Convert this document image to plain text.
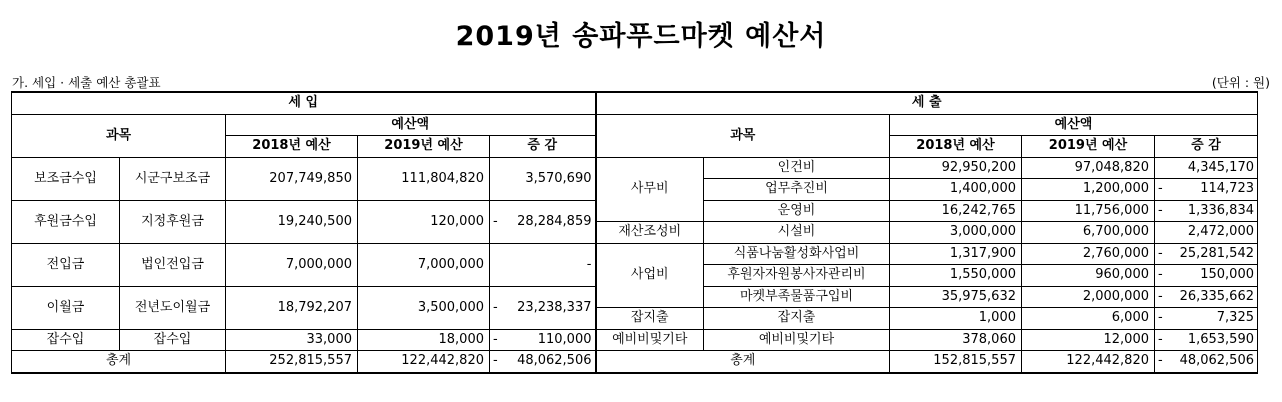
2019년 송파푸드마켓 예산서
가. 세입 · 세출 예산 총괄표	(단위 : 원)
세 입					세 출				
과목		예산액			과목		예산액		
		2018년 예산	2019년 예산	증 감			2018년 예산	2019년 예산	증 감
보조금수입	시군구보조금	207,749,850	111,804,820	3,570,690	사무비	인건비	92,950,200	97,048,820	4,345,170

						업무추진비	1,400,000	1,200,000	- 114,723

후원금수입	지정후원금	19,240,500	120,000	- 28,284,859		운영비	16,242,765	11,756,000	- 1,336,834

					재산조성비	시설비	3,000,000	6,700,000	2,472,000

전입금	법인전입금	7,000,000	7,000,000	-	사업비	식품나눔활성화사업비	1,317,900	2,760,000	- 25,281,542

						후원자자원봉사자관리비	1,550,000	960,000	- 150,000

이월금	전년도이월금	18,792,207	3,500,000	- 23,238,337		마켓부족물품구입비	35,975,632	2,000,000	- 26,335,662

					잡지출	잡지출	1,000	6,000	- 7,325

잡수입	잡수입	33,000	18,000	- 110,000	예비비및기타	예비비및기타	378,060	12,000	- 1,653,590

총계		252,815,557	122,442,820	- 48,062,506	총계		152,815,557	122,442,820	- 48,062,506
